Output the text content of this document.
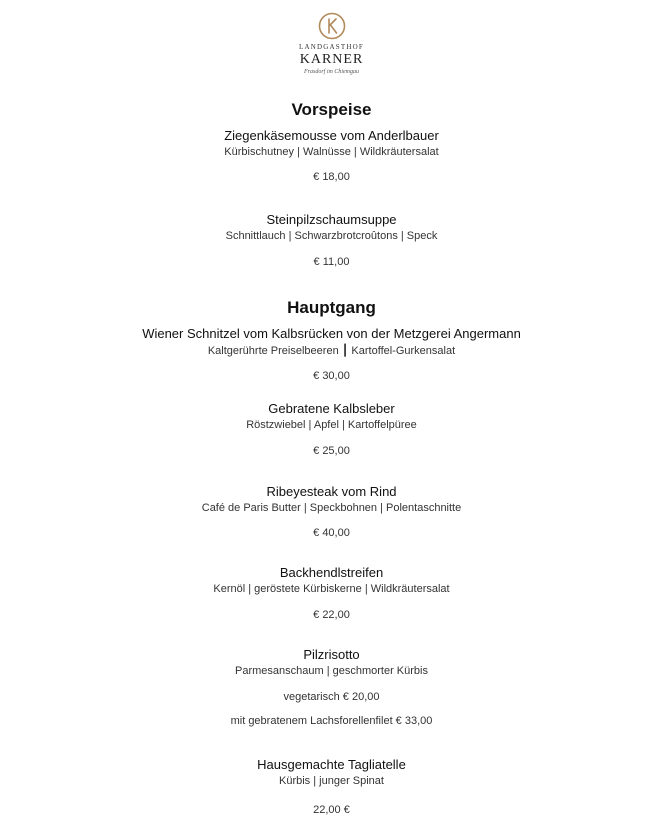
LANDGASTHOF
KARNER
Frasdorf im Chiemgau
Vorspeise
Ziegenkäsemousse vom Anderlbauer
Kürbischutney | Walnüsse | Wildkräutersalat
€ 18,00
Steinpilzschaumsuppe
Schnittlauch | Schwarzbrotcroûtons | Speck
€ 11,00
Hauptgang
Wiener Schnitzel vom Kalbsrücken von der Metzgerei Angermann
Kaltgerührte Preiselbeeren ┃ Kartoffel-Gurkensalat
€ 30,00
Gebratene Kalbsleber
Röstzwiebel | Apfel | Kartoffelpüree
€ 25,00
Ribeyesteak vom Rind
Café de Paris Butter | Speckbohnen | Polentaschnitte
€ 40,00
Backhendlstreifen
Kernöl | geröstete Kürbiskerne | Wildkräutersalat
€ 22,00
Pilzrisotto
Parmesanschaum | geschmorter Kürbis
vegetarisch € 20,00
mit gebratenem Lachsforellenfilet € 33,00
Hausgemachte Tagliatelle
Kürbis | junger Spinat
22,00 €
